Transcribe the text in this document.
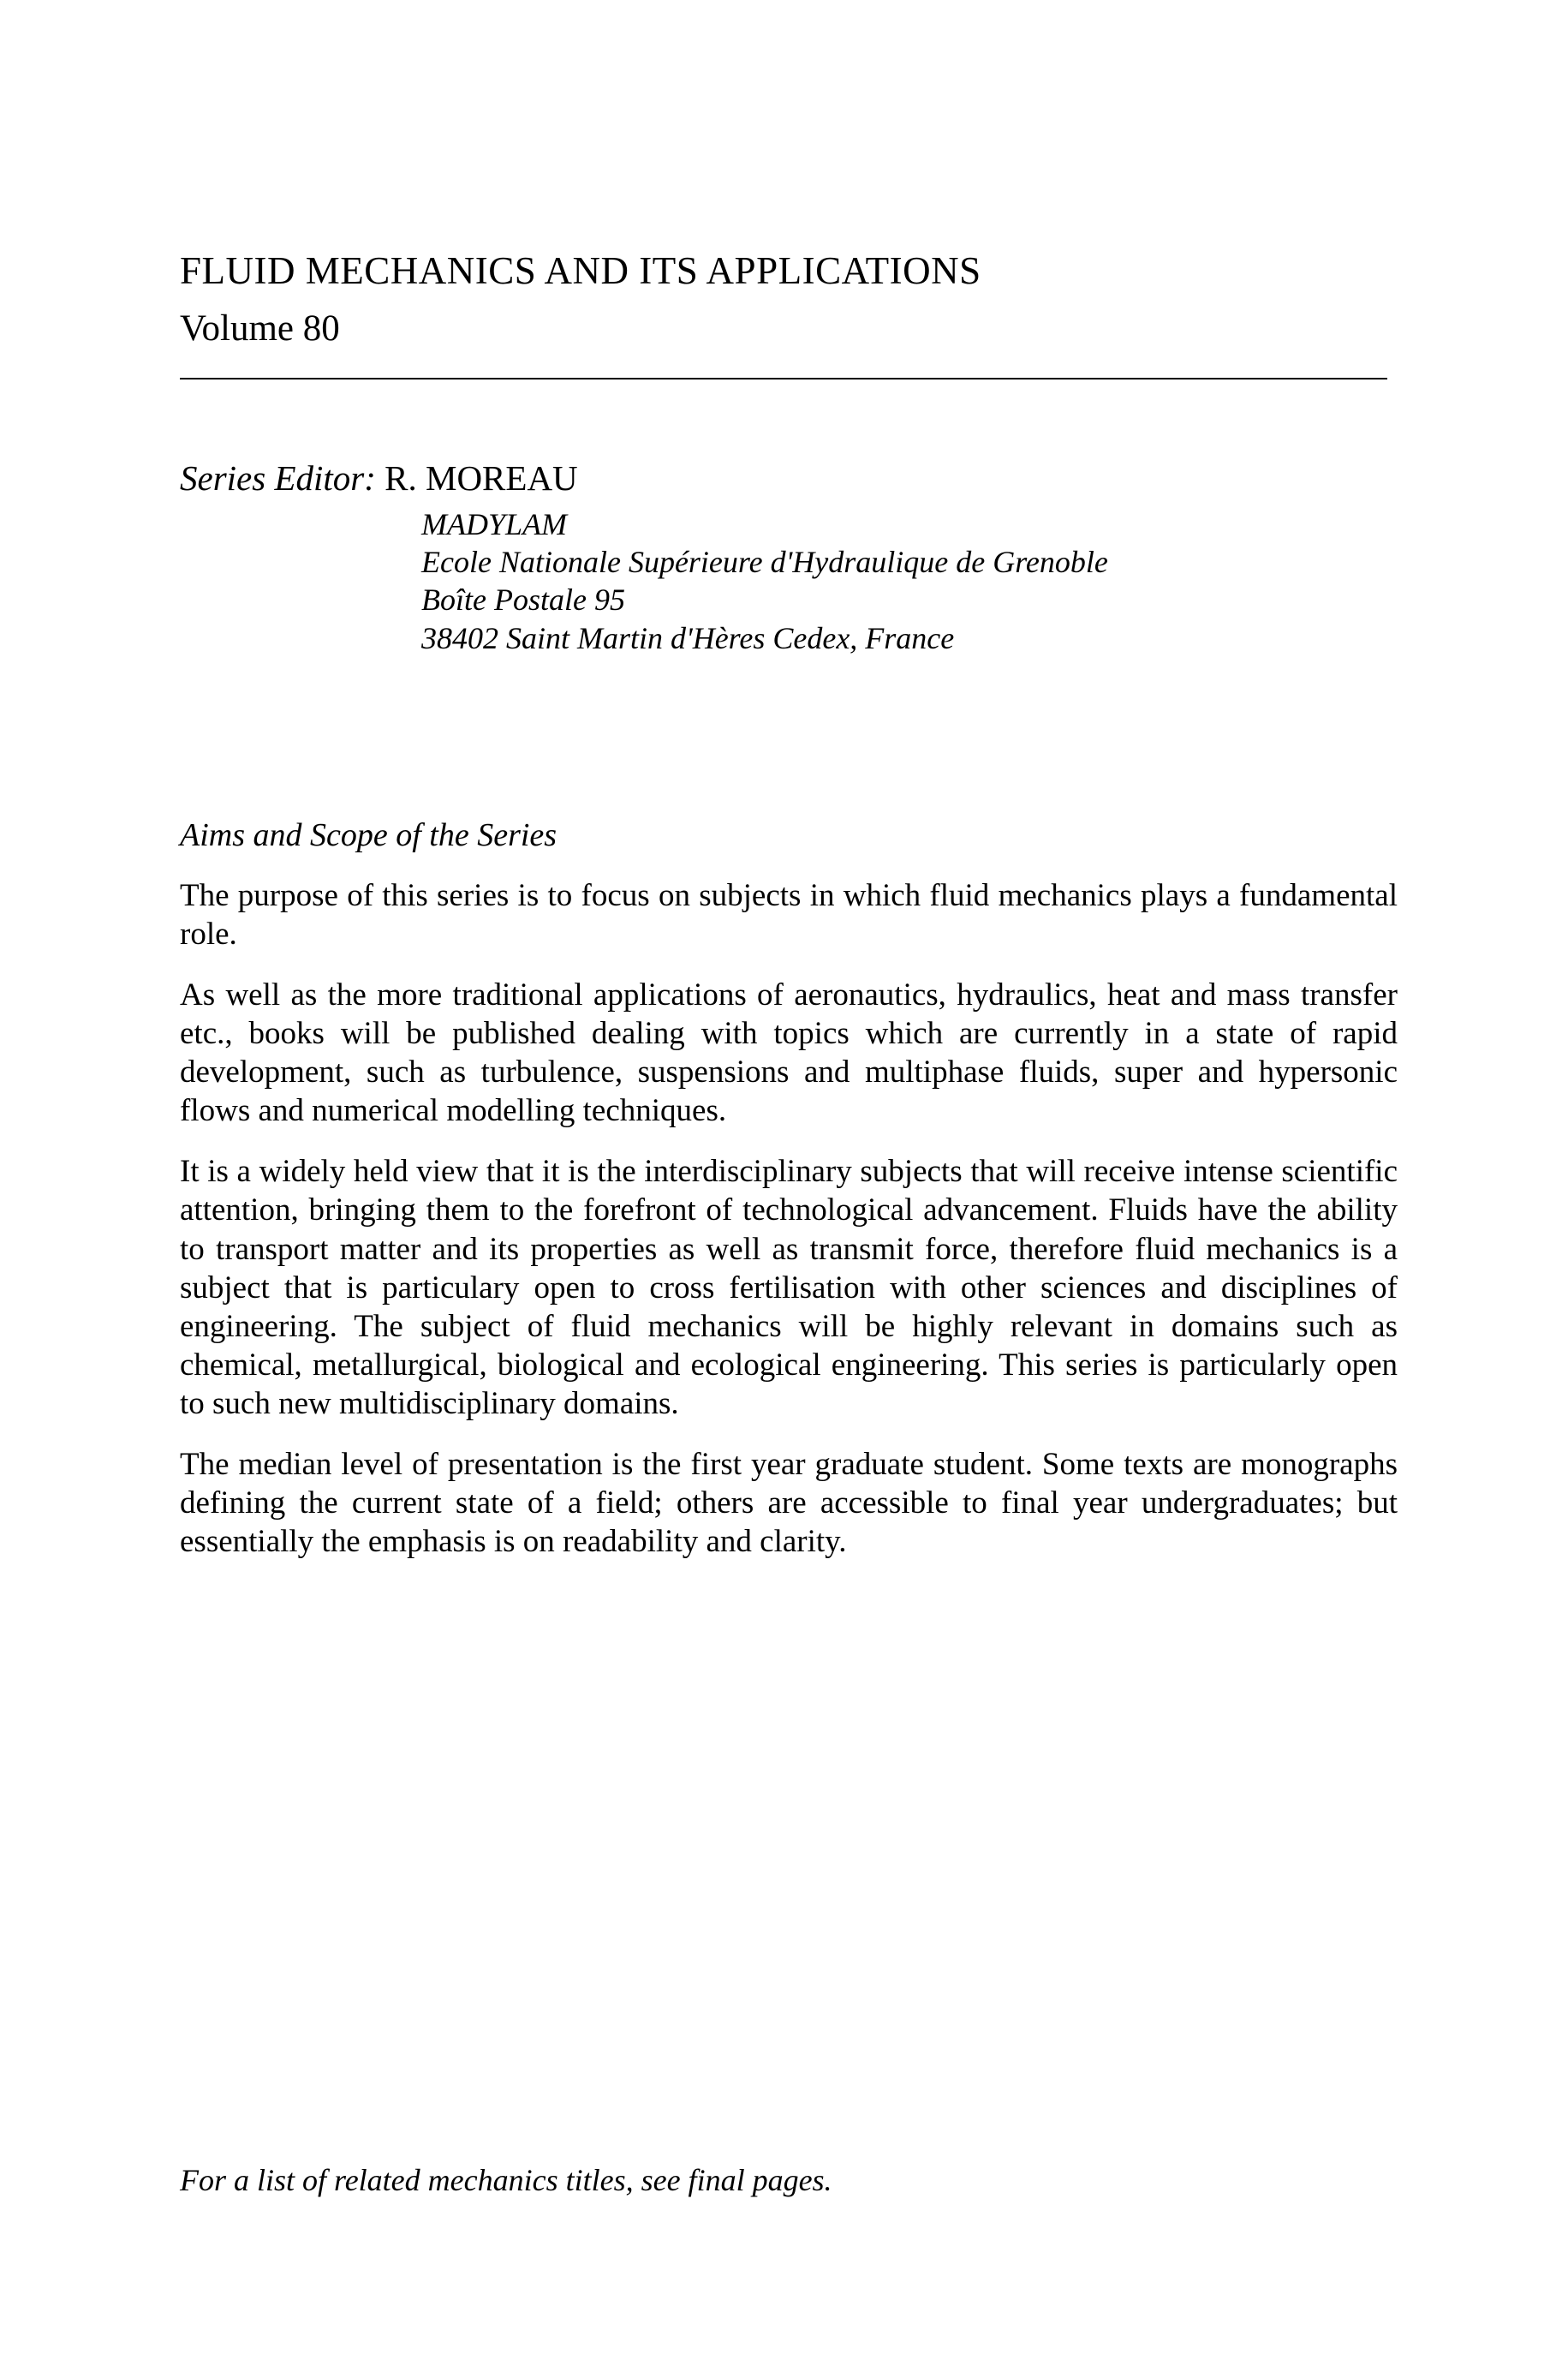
FLUID MECHANICS AND ITS APPLICATIONS
Volume 80
Series Editor: R. MOREAU
MADYLAM
Ecole Nationale Supérieure d'Hydraulique de Grenoble
Boîte Postale 95
38402 Saint Martin d'Hères Cedex, France
Aims and Scope of the Series

The purpose of this series is to focus on subjects in which fluid mechanics plays a fundamental role.

As well as the more traditional applications of aeronautics, hydraulics, heat and mass transfer etc., books will be published dealing with topics which are currently in a state of rapid development, such as turbulence, suspensions and multiphase fluids, super and hypersonic flows and numerical modelling techniques.

It is a widely held view that it is the interdisciplinary subjects that will receive intense scientific attention, bringing them to the forefront of technological advancement. Fluids have the ability to transport matter and its properties as well as transmit force, therefore fluid mechanics is a subject that is particulary open to cross fertilisation with other sciences and disciplines of engineering. The subject of fluid mechanics will be highly relevant in domains such as chemical, metallurgical, biological and ecological engineering. This series is particularly open to such new multidisciplinary domains.

The median level of presentation is the first year graduate student. Some texts are monographs defining the current state of a field; others are accessible to final year undergraduates; but essentially the emphasis is on readability and clarity.

For a list of related mechanics titles, see final pages.
